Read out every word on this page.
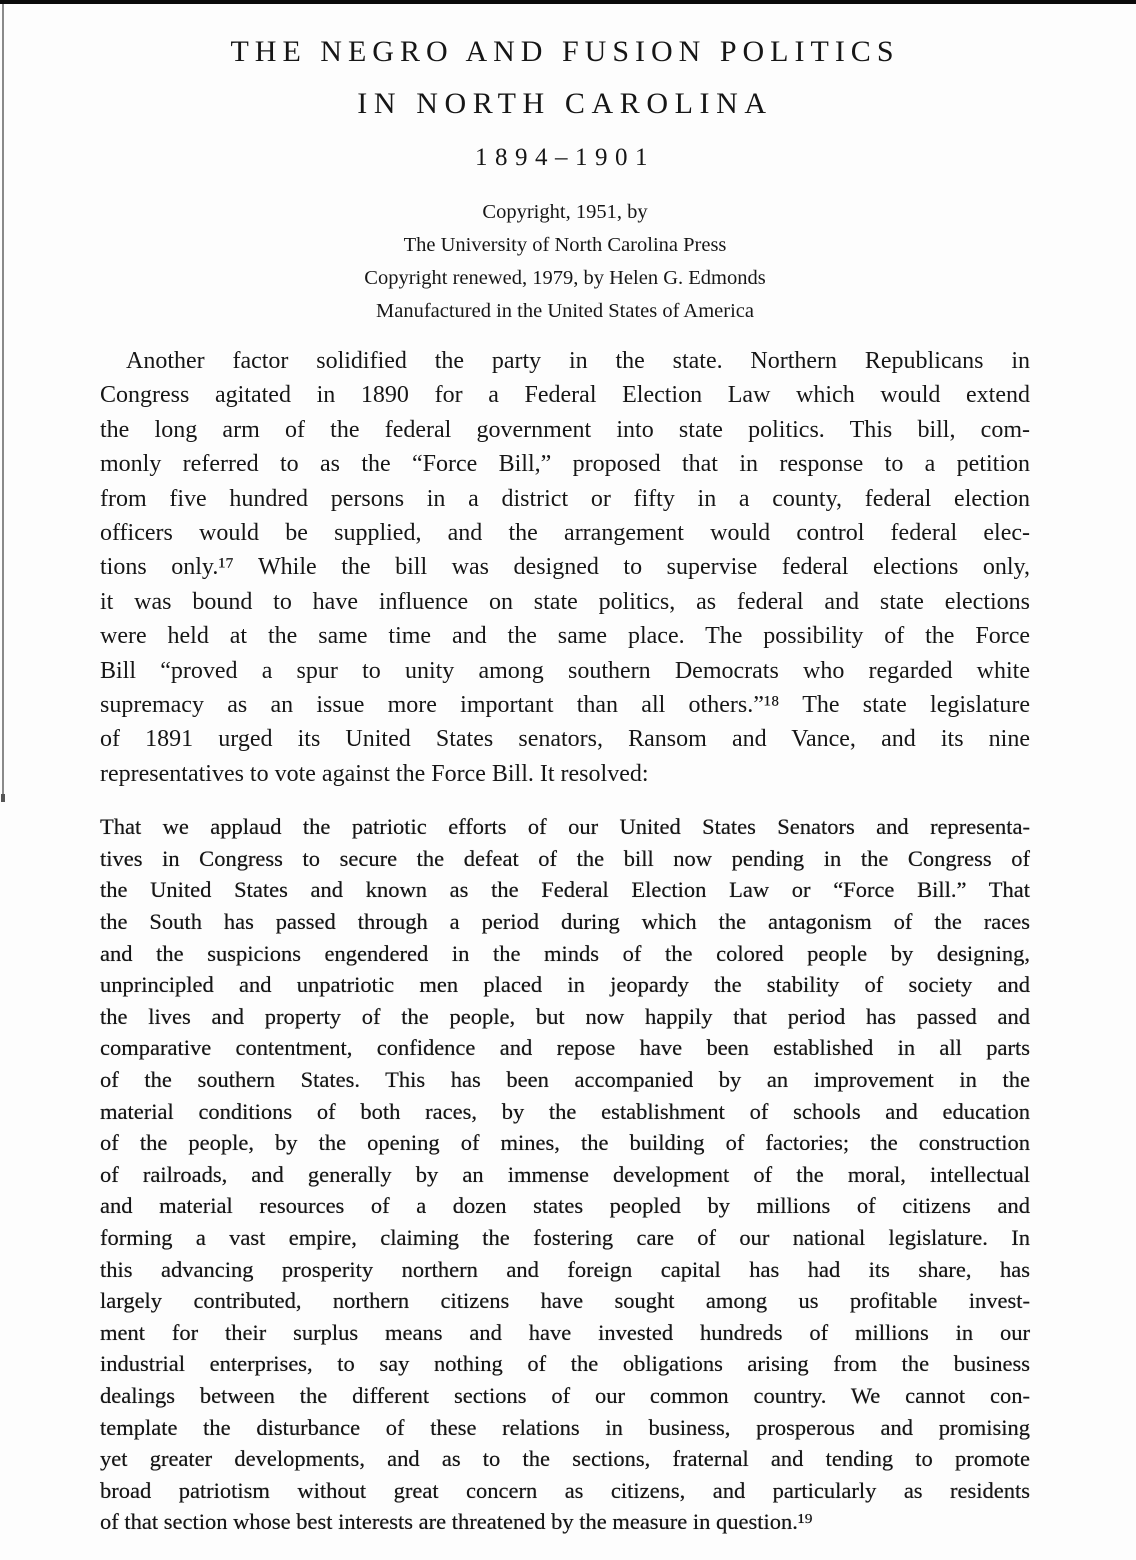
THE NEGRO AND FUSION POLITICS
IN NORTH CAROLINA
1894–1901
Copyright, 1951, by
The University of North Carolina Press
Copyright renewed, 1979, by Helen G. Edmonds
Manufactured in the United States of America
Another factor solidified the party in the state. Northern Republicans in
Congress agitated in 1890 for a Federal Election Law which would extend
the long arm of the federal government into state politics. This bill, com-
monly referred to as the “Force Bill,” proposed that in response to a petition
from five hundred persons in a district or fifty in a county, federal election
officers would be supplied, and the arrangement would control federal elec-
tions only.¹⁷ While the bill was designed to supervise federal elections only,
it was bound to have influence on state politics, as federal and state elections
were held at the same time and the same place. The possibility of the Force
Bill “proved a spur to unity among southern Democrats who regarded white
supremacy as an issue more important than all others.”¹⁸ The state legislature
of 1891 urged its United States senators, Ransom and Vance, and its nine
representatives to vote against the Force Bill. It resolved:
That we applaud the patriotic efforts of our United States Senators and representa-
tives in Congress to secure the defeat of the bill now pending in the Congress of
the United States and known as the Federal Election Law or “Force Bill.” That
the South has passed through a period during which the antagonism of the races
and the suspicions engendered in the minds of the colored people by designing,
unprincipled and unpatriotic men placed in jeopardy the stability of society and
the lives and property of the people, but now happily that period has passed and
comparative contentment, confidence and repose have been established in all parts
of the southern States. This has been accompanied by an improvement in the
material conditions of both races, by the establishment of schools and education
of the people, by the opening of mines, the building of factories; the construction
of railroads, and generally by an immense development of the moral, intellectual
and material resources of a dozen states peopled by millions of citizens and
forming a vast empire, claiming the fostering care of our national legislature. In
this advancing prosperity northern and foreign capital has had its share, has
largely contributed, northern citizens have sought among us profitable invest-
ment for their surplus means and have invested hundreds of millions in our
industrial enterprises, to say nothing of the obligations arising from the business
dealings between the different sections of our common country. We cannot con-
template the disturbance of these relations in business, prosperous and promising
yet greater developments, and as to the sections, fraternal and tending to promote
broad patriotism without great concern as citizens, and particularly as residents
of that section whose best interests are threatened by the measure in question.¹⁹
